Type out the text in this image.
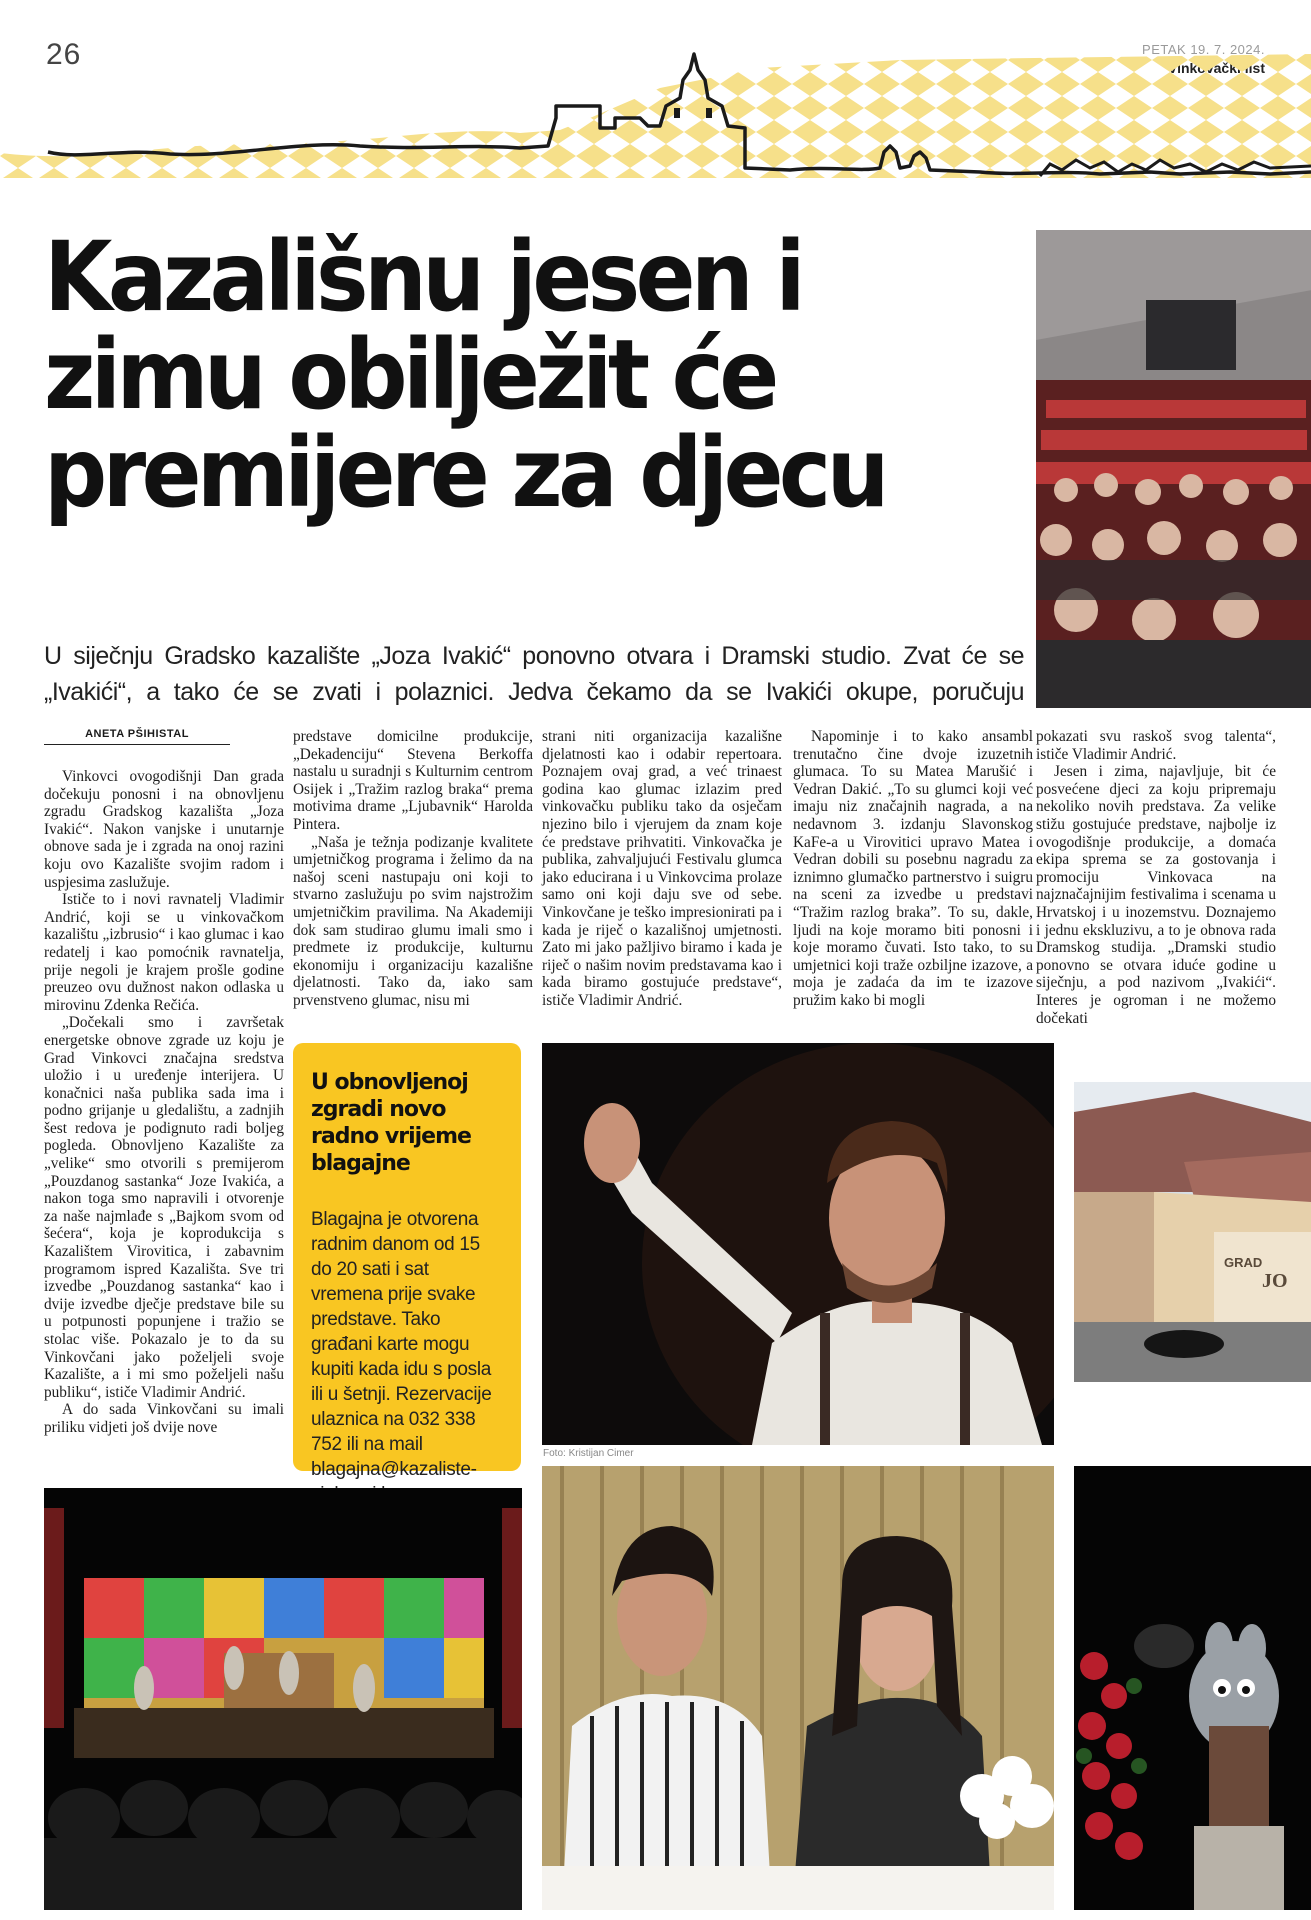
26	PETAK 19. 7. 2024.
Kazališnu jesen i
zimu obilježit će
premijere za djecu
U siječnju Gradsko kazalište „Joza Ivakić“ ponovno otvara i Dramski studio. Zvat će se „Ivakići“, a tako će se zvati i polaznici. Jedva čekamo da se Ivakići okupe, poručuju
ANETA PŠIHISTAL

Vinkovci ovogodišnji Dan grada dočekuju ponosni i na obnovljenu zgradu Gradskog kazališta „Joza Ivakić“. Nakon vanjske i unutarnje obnove sada je i zgrada na onoj razini koju ovo Kazalište svojim radom i uspjesima zaslužuje.

Ističe to i novi ravnatelj Vladimir Andrić, koji se u vinkovačkom kazalištu „izbrusio“ i kao glumac i kao redatelj i kao pomoćnik ravnatelja, prije negoli je krajem prošle godine preuzeo ovu dužnost nakon odlaska u mirovinu Zdenka Rečića.

„Dočekali smo i završetak energetske obnove zgrade uz koju je Grad Vinkovci značajna sredstva uložio i u uređenje interijera. U konačnici naša publika sada ima i podno grijanje u gledalištu, a zadnjih šest redova je podignuto radi boljeg pogleda. Obnovljeno Kazalište za „velike“ smo otvorili s premijerom „Pouzdanog sastanka“ Joze Ivakića, a nakon toga smo napravili i otvorenje za naše najmlađe s „Bajkom svom od šećera“, koja je koprodukcija s Kazalištem Virovitica, i zabavnim programom ispred Kazališta. Sve tri izvedbe „Pouzdanog sastanka“ kao i dvije izvedbe dječje predstave bile su u potpunosti popunjene i tražio se stolac više. Pokazalo je to da su Vinkovčani jako poželjeli svoje Kazalište, a i mi smo poželjeli našu publiku“, ističe Vladimir Andrić.

A do sada Vinkovčani su imali priliku vidjeti još dvije nove

predstave domicilne produkcije, „Dekadenciju“ Stevena Berkoffa nastalu u suradnji s Kulturnim centrom Osijek i „Tražim razlog braka“ prema motivima drame „Ljubavnik“ Harolda Pintera.

„Naša je težnja podizanje kvalitete umjetničkog programa i želimo da na našoj sceni nastupaju oni koji to stvarno zaslužuju po svim najstrožim umjetničkim pravilima. Na Akademiji dok sam studirao glumu imali smo i predmete iz produkcije, kulturnu ekonomiju i organizaciju kazališne djelatnosti. Tako da, iako sam prvenstveno glumac, nisu mi

strani niti organizacija kazališne djelatnosti kao i odabir repertoara. Poznajem ovaj grad, a već trinaest godina kao glumac izlazim pred vinkovačku publiku tako da osječam njezino bilo i vjerujem da znam koje će predstave prihvatiti. Vinkovačka je publika, zahvaljujući Festivalu glumca jako educirana i u Vinkovcima prolaze samo oni koji daju sve od sebe. Vinkovčane je teško impresionirati pa i kada je riječ o kazališnoj umjetnosti. Zato mi jako pažljivo biramo i kada je riječ o našim novim predstavama kao i kada biramo gostujuće predstave“, ističe Vladimir Andrić.

Napominje i to kako ansambl trenutačno čine dvoje izuzetnih glumaca. To su Matea Marušić i Vedran Dakić. „To su glumci koji već imaju niz značajnih nagrada, a na nedavnom 3. izdanju Slavonskog KaFe-a u Virovitici upravo Matea i Vedran dobili su posebnu nagradu za iznimno glumačko partnerstvo i suigru na sceni za izvedbe u predstavi “Tražim razlog braka”. To su, dakle, ljudi na koje moramo biti ponosni i koje moramo čuvati. Isto tako, to su umjetnici koji traže ozbiljne izazove, a moja je zadaća da im te izazove pružim kako bi mogli

pokazati svu raskoš svog talenta“, ističe Vladimir Andrić.

Jesen i zima, najavljuje, bit će posvećene djeci za koju pripremaju nekoliko novih predstava. Za velike stižu gostujuće predstave, najbolje iz ovogodišnje produkcije, a domaća ekipa sprema se za gostovanja i promociju Vinkovaca na najznačajnijim festivalima i scenama u Hrvatskoj i u inozemstvu. Doznajemo i jednu ekskluzivu, a to je obnova rada Dramskog studija. „Dramski studio ponovno se otvara iduće godine u siječnju, a pod nazivom „Ivakići“. Interes je ogroman i ne možemo dočekati

U obnovljenoj zgradi novo radno vrijeme blagajne
Blagajna je otvorena radnim danom od 15 do 20 sati i sat vremena prije svake predstave. Tako građani karte mogu kupiti kada idu s posla ili u šetnji. Rezervacije ulaznica na 032 338 752 ili na mail blagajna@kazaliste-
Foto: Kristijan Cimer
GRAD
JO
